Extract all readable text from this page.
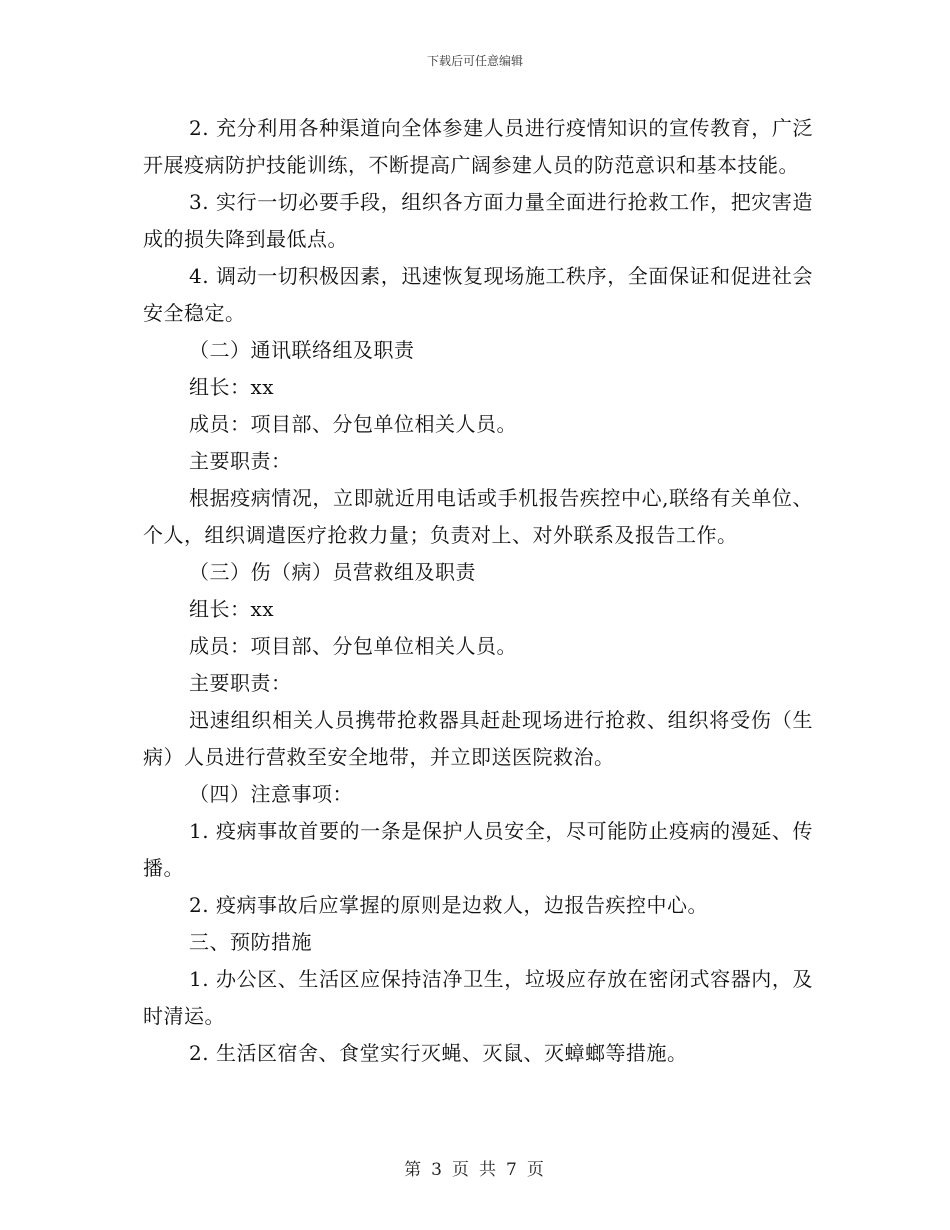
下载后可任意编辑

2. 充分利用各种渠道向全体参建人员进行疫情知识的宣传教育，广泛开展疫病防护技能训练，不断提高广阔参建人员的防范意识和基本技能。

3. 实行一切必要手段，组织各方面力量全面进行抢救工作，把灾害造成的损失降到最低点。

4. 调动一切积极因素，迅速恢复现场施工秩序，全面保证和促进社会安全稳定。

（二）通讯联络组及职责

组长：xx

成员：项目部、分包单位相关人员。

主要职责：

根据疫病情况，立即就近用电话或手机报告疾控中心,联络有关单位、个人，组织调遣医疗抢救力量；负责对上、对外联系及报告工作。

（三）伤（病）员营救组及职责

组长：xx

成员：项目部、分包单位相关人员。

主要职责：

迅速组织相关人员携带抢救器具赶赴现场进行抢救、组织将受伤（生病）人员进行营救至安全地带，并立即送医院救治。

（四）注意事项：

1. 疫病事故首要的一条是保护人员安全，尽可能防止疫病的漫延、传播。

2. 疫病事故后应掌握的原则是边救人，边报告疾控中心。

三、预防措施

1. 办公区、生活区应保持洁净卫生，垃圾应存放在密闭式容器内，及时清运。

2. 生活区宿舍、食堂实行灭蝇、灭鼠、灭蟑螂等措施。

第 3 页 共 7 页
